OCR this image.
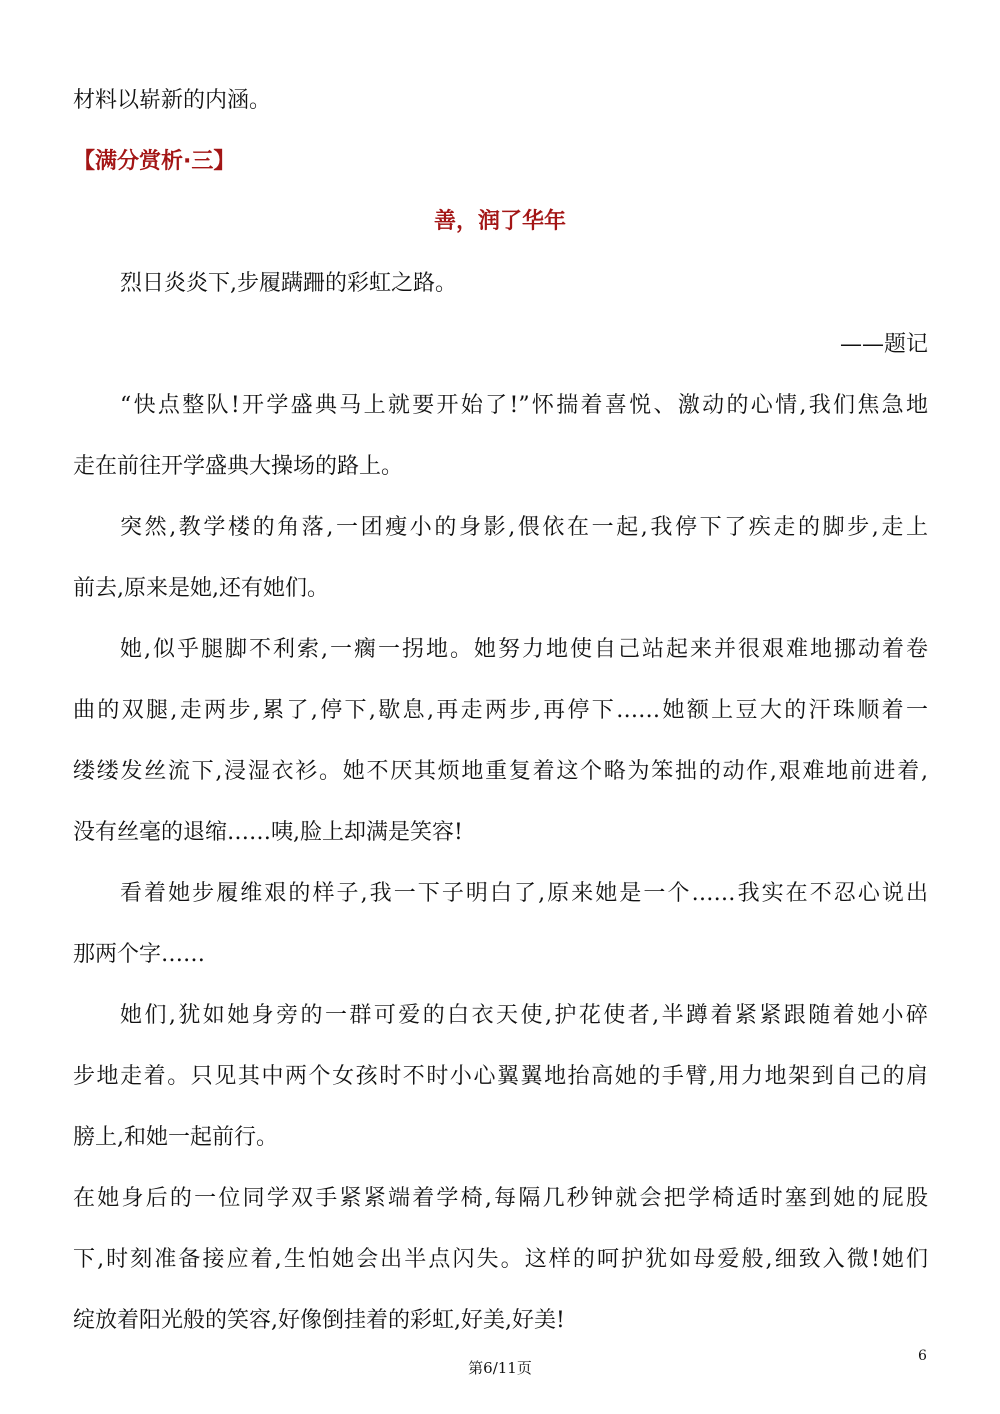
材料以崭新的内涵。
【满分赏析·三】
善，润了华年
烈日炎炎下,步履蹒跚的彩虹之路。
——题记
“快点整队!开学盛典马上就要开始了!”怀揣着喜悦、激动的心情,我们焦急地
走在前往开学盛典大操场的路上。
突然,教学楼的角落,一团瘦小的身影,偎依在一起,我停下了疾走的脚步,走上
前去,原来是她,还有她们。
她,似乎腿脚不利索,一瘸一拐地。她努力地使自己站起来并很艰难地挪动着卷
曲的双腿,走两步,累了,停下,歇息,再走两步,再停下……她额上豆大的汗珠顺着一
缕缕发丝流下,浸湿衣衫。她不厌其烦地重复着这个略为笨拙的动作,艰难地前进着,
没有丝毫的退缩……咦,脸上却满是笑容!
看着她步履维艰的样子,我一下子明白了,原来她是一个……我实在不忍心说出
那两个字……
她们,犹如她身旁的一群可爱的白衣天使,护花使者,半蹲着紧紧跟随着她小碎
步地走着。只见其中两个女孩时不时小心翼翼地抬高她的手臂,用力地架到自己的肩
膀上,和她一起前行。
在她身后的一位同学双手紧紧端着学椅,每隔几秒钟就会把学椅适时塞到她的屁股
下,时刻准备接应着,生怕她会出半点闪失。这样的呵护犹如母爱般,细致入微!她们
绽放着阳光般的笑容,好像倒挂着的彩虹,好美,好美!
第6/11页
6
